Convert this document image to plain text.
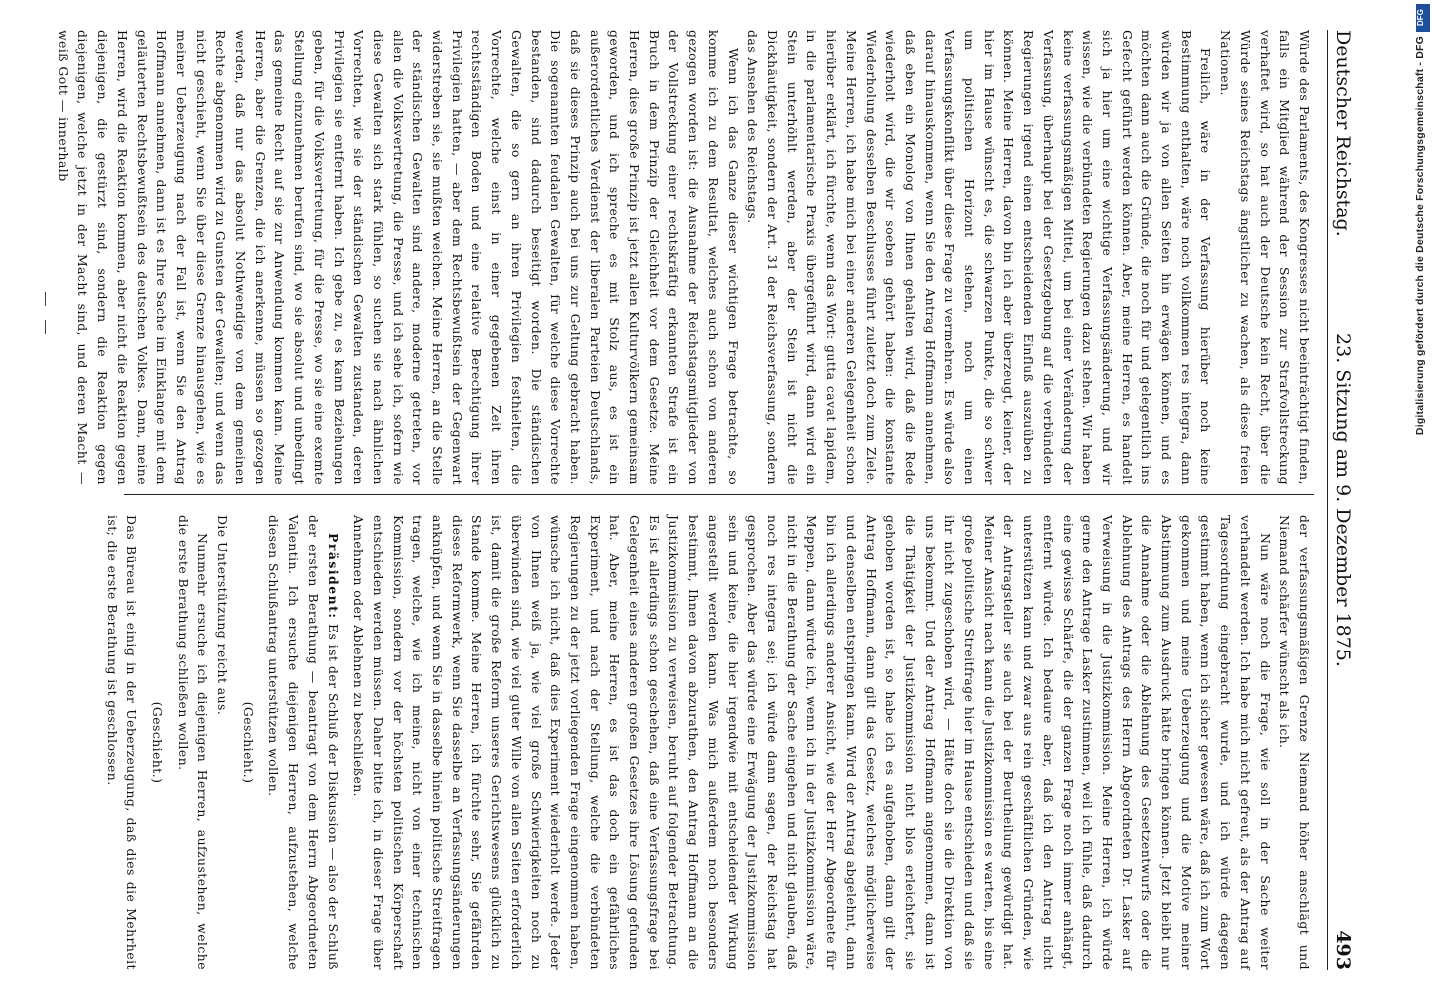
Deutscher Reichstag.
23. Sitzung am 9. Dezember 1875.
493

Würde des Parlaments, des Kongresses nicht beeinträchtigt finden, falls ein Mitglied während der Session zur Strafvollstreckung verhaftet wird, so hat auch der Deutsche kein Recht, über die Würde seines Reichstags ängstlicher zu wachen, als diese freien Nationen.

Freilich, wäre in der Verfassung hierüber noch keine Bestimmung enthalten, wäre noch vollkommen res integra, dann würden wir ja von allen Seiten hin erwägen können, und es möchten dann auch die Gründe, die noch für und gelegentlich ins Gefecht geführt werden können. Aber, meine Herren, es handelt sich ja hier um eine wichtige Verfassungsänderung, und wir wissen, wie die verbündeten Regierungen dazu stehen. Wir haben keine verfassungsmäßigen Mittel, um bei einer Veränderung der Verfassung, überhaupt bei der Gesetzgebung auf die verbündeten Regierungen irgend einen entscheidenden Einfluß auszuüben zu können. Meine Herren, davon bin ich aber überzeugt, keiner, der hier im Hause wünscht es, die schwarzen Punkte, die so schwer um politischen Horizont stehen, noch um einen Verfassungskonflikt über diese Frage zu vermehren. Es würde also darauf hinauskommen, wenn Sie den Antrag Hoffmann annehmen, daß eben ein Monolog von Ihnen gehalten wird, daß die Rede wiederholt wird, die wir soeben gehört haben: die konstante Wiederholung desselben Beschlusses führt zuletzt doch zum Ziele. Meine Herren, ich habe mich bei einer anderen Gelegenheit schon hierüber erklärt, ich fürchte, wenn das Wort: gutta cavat lapidem, in die parlamentarische Praxis übergeführt wird, dann wird ein Stein unterhöhlt werden, aber der Stein ist nicht die Dickhäutigkeit, sondern der Art. 31 der Reichsverfassung, sondern das Ansehen des Reichstags.

Wenn ich das Ganze dieser wichtigen Frage betrachte, so komme ich zu dem Resultat, welches auch schon von anderen gezogen worden ist: die Ausnahme der Reichstagsmitglieder von der Vollstreckung einer rechtskräftig erkannten Strafe ist ein Bruch in dem Prinzip der Gleichheit vor dem Gesetze. Meine Herren, dies große Prinzip ist jetzt allen Kulturvölkern gemeinsam geworden, und ich spreche es mit Stolz aus, es ist ein außerordentliches Verdienst der liberalen Parteien Deutschlands, daß sie dieses Prinzip auch bei uns zur Geltung gebracht haben. Die sogenannten feudalen Gewalten, für welche diese Vorrechte bestanden, sind dadurch beseitigt worden. Die ständischen Gewalten, die so gern an ihren Privilegien festhielten, die Vorrechte, welche einst in einer gegebenen Zeit ihren rechtsständigen Boden und eine relative Berechtigung ihrer Privilegien hatten, — aber dem Rechtsbewußtsein der Gegenwart widerstreben sie, sie mußten weichen. Meine Herren, an die Stelle der ständischen Gewalten sind andere, moderne getreten, vor allen die Volksvertretung, die Presse, und ich sehe ich, sofern wie diese Gewalten sich stark fühlen, so suchen sie nach ähnlichen Vorrechten, wie sie der ständischen Gewalten zustanden, deren Privilegien sie entfernt haben. Ich gebe zu, es kann Beziehungen geben, für die Volksvertretung, für die Presse, wo sie eine exemte Stellung einzunehmen berufen sind, wo sie absolut und unbedingt das gemeine Recht auf sie zur Anwendung kommen kann. Meine Herren, aber die Grenzen, die ich anerkenne, müssen so gezogen werden, daß nur das absolut Nothwendige von dem gemeinen Rechte abgenommen wird zu Gunsten der Gewalten; und wenn das nicht geschieht, wenn Sie über diese Grenze hinausgehen, wie es meiner Ueberzeugung nach der Fall ist, wenn Sie den Antrag Hoffmann annehmen, dann ist es Ihre Sache im Einklange mit dem geläuterten Rechtsbewußtsein des deutschen Volkes. Dann, meine Herren, wird die Reaktion kommen, aber nicht die Reaktion gegen diejenigen, die gestürzt sind, sondern die Reaktion gegen diejenigen, welche jetzt in der Macht sind, und deren Macht — weiß Gott — innerhalb

der verfassungsmäßigen Grenze Niemand höher anschlägt und Niemand schärfer wünscht als ich.

Nun wäre noch die Frage, wie soll in der Sache weiter verhandelt werden. Ich habe mich nicht gefreut, als der Antrag auf Tagesordnung eingebracht wurde, und ich würde dagegen gestimmt haben, wenn ich sicher gewesen wäre, daß ich zum Wort gekommen und meine Ueberzeugung und die Motive meiner Abstimmung zum Ausdruck hätte bringen können. Jetzt bleibt nur die Annahme oder die Ablehnung des Gesetzentwurfs oder die Ablehnung des Antrags des Herrn Abgeordneten Dr. Lasker auf Verweisung in die Justizkommission. Meine Herren, ich würde gerne den Antrage Lasker zustimmen, weil ich fühle, daß dadurch eine gewisse Schärfe, die der ganzen Frage noch immer anhängt, entfernt würde. Ich bedaure aber, daß ich den Antrag nicht unterstützen kann und zwar aus rein geschäftlichen Gründen, wie der Antragsteller sie auch bei der Beurtheilung gewürdigt hat. Meiner Ansicht nach kann die Justizkommission es warten, bis eine große politische Streitfrage hier im Hause entschieden und daß sie ihr nicht zugeschoben wird, — Hätte doch sie die Direktion von uns bekommt. Und der Antrag Hoffmann angenommen, dann ist die Thätigkeit der Justizkommission nicht blos erleichtert, sie gehoben worden ist, so habe ich es aufgehoben, dann gilt der Antrag Hoffmann, dann gilt das Gesetz, welches möglicherweise und denselben entspringen kann. Wird der Antrag abgelehnt, dann bin ich allerdings anderer Ansicht, wie der Herr Abgeordnete für Meppen, dann würde ich, wenn ich in der Justizkommission wäre, nicht in die Berathung der Sache eingehen und nicht glauben, daß noch res integra sei; ich würde dann sagen, der Reichstag hat gesprochen. Aber das würde eine Erwägung der Justizkommission sein und keine, die hier irgendwie mit entscheidender Wirkung angestellt werden kann. Was mich außerdem noch besonders bestimmt, Ihnen davon abzurathen, den Antrag Hoffmann an die Justizkommission zu verweisen, beruht auf folgender Betrachtung. Es ist allerdings schon geschehen, daß eine Verfassungsfrage bei Gelegenheit eines anderen großen Gesetzes ihre Lösung gefunden hat. Aber, meine Herren, es ist das doch ein gefährliches Experiment, und nach der Stellung, welche die verbündeten Regierungen zu der jetzt vorliegenden Frage eingenommen haben, wünsche ich nicht, daß dies Experiment wiederholt werde. Jeder von Ihnen weiß ja, wie viel große Schwierigkeiten noch zu überwinden sind, wie viel guter Wille von allen Seiten erforderlich ist, damit die große Reform unseres Gerichtswesens glücklich zu Stande komme. Meine Herren, ich fürchte sehr, Sie gefährden dieses Reformwerk, wenn Sie dasselbe an Verfassungsänderungen anknüpfen, und wenn Sie in dasselbe hinein politische Streitfragen tragen, welche, wie ich meine, nicht von einer technischen Kommission, sondern vor der höchsten politischen Körperschaft entschieden werden müssen. Daher bitte ich, in dieser Frage über Annehmen oder Ablehnen zu beschließen.

Präsident: Es ist der Schluß der Diskussion — also der Schluß der ersten Berathung — beantragt von dem Herrn Abgeordneten Valentin. Ich ersuche diejenigen Herren, aufzustehen, welche diesen Schlußantrag unterstützen wollen.

(Geschieht.)

Die Unterstützung reicht aus.

Nunmehr ersuche ich diejenigen Herren, aufzustehen, welche die erste Berathung schließen wollen.

(Geschieht.)

Das Büreau ist einig in der Ueberzeugung, daß dies die Mehrheit ist; die erste Berathung ist geschlossen.

DFG
Digitalisierung gefördert durch die Deutsche Forschungsgemeinschaft - DFG
